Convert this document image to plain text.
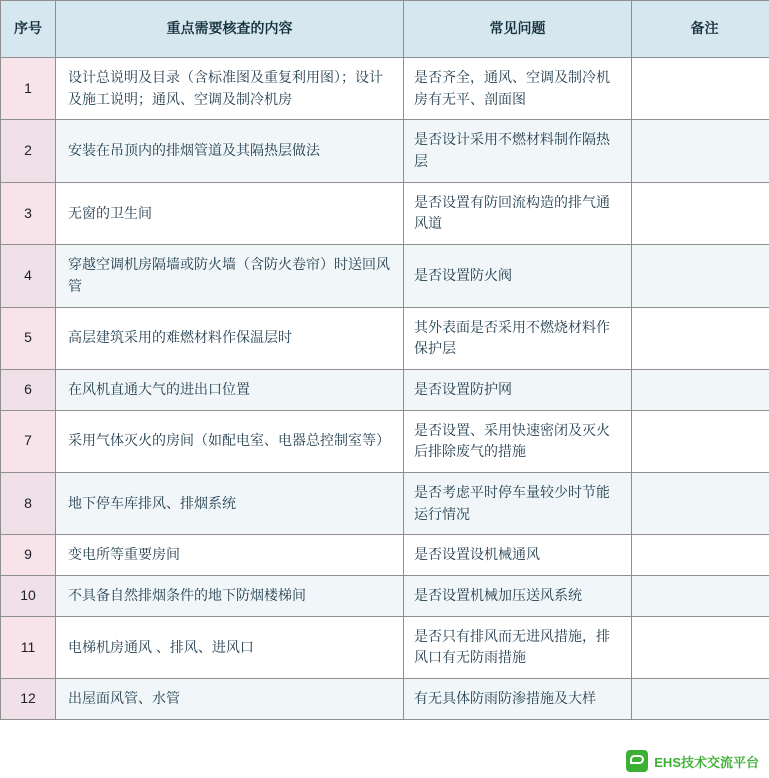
序号	重点需要核查的内容	常见问题	备注
1	设计总说明及目录（含标准图及重复利用图）；设计及施工说明；通风、空调及制冷机房	是否齐全，通风、空调及制冷机房有无平、剖面图	
2	安装在吊顶内的排烟管道及其隔热层做法	是否设计采用不燃材料制作隔热层	
3	无窗的卫生间	是否设置有防回流构造的排气通风道	
4	穿越空调机房隔墙或防火墙（含防火卷帘）时送回风管	是否设置防火阀	
5	高层建筑采用的难燃材料作保温层时	其外表面是否采用不燃烧材料作保护层	
6	在风机直通大气的进出口位置	是否设置防护网	
7	采用气体灭火的房间（如配电室、电器总控制室等）	是否设置、采用快速密闭及灭火后排除废气的措施	
8	地下停车库排风、排烟系统	是否考虑平时停车量较少时节能运行情况	
9	变电所等重要房间	是否设置设机械通风	
10	不具备自然排烟条件的地下防烟楼梯间	是否设置机械加压送风系统	
11	电梯机房通风 、排风、进风口	是否只有排风而无进风措施，排风口有无防雨措施	
12	出屋面风管、水管	有无具体防雨防渗措施及大样	
EHS技术交流平台
